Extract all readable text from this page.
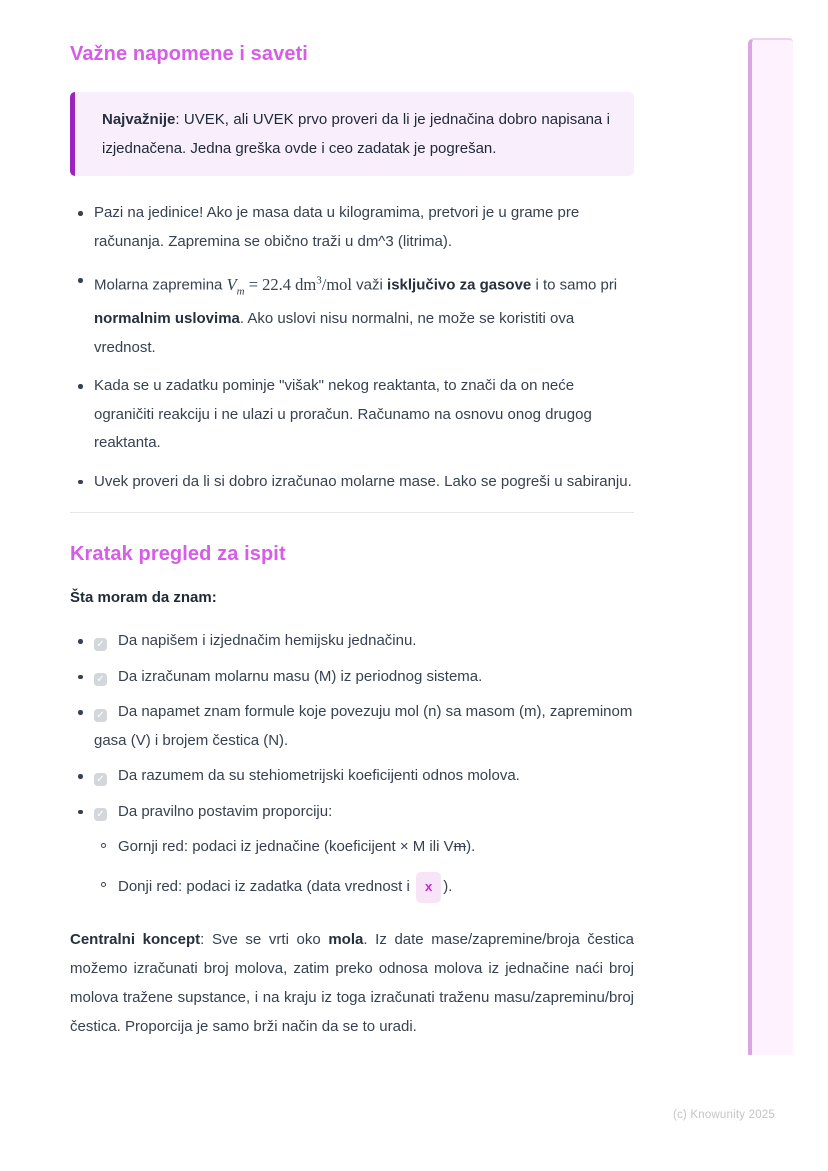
Važne napomene i saveti

Najvažnije: UVEK, ali UVEK prvo proveri da li je jednačina dobro napisana i izjednačena. Jedna greška ovde i ceo zadatak je pogrešan.

Pazi na jedinice! Ako je masa data u kilogramima, pretvori je u grame pre računanja. Zapremina se obično traži u dm^3 (litrima).
Molarna zapremina $V_m = 22.4$ $dm^3$/mol važi isključivo za gasove i to samo pri normalnim uslovima. Ako uslovi nisu normalni, ne može se koristiti ova vrednost.
Kada se u zadatku pominje "višak" nekog reaktanta, to znači da on neće ograničiti reakciju i ne ulazi u proračun. Računamo na osnovu onog drugog reaktanta.
Uvek proveri da li si dobro izračunao molarne mase. Lako se pogreši u sabiranju.
Kratak pregled za ispit

Šta moram da znam:

✓ Da napišem i izjednačim hemijsku jednačinu.
✓ Da izračunam molarnu masu (M) iz periodnog sistema.
✓ Da napamet znam formule koje povezuju mol (n) sa masom (m), zapreminom gasa (V) i brojem čestica (N).
✓ Da razumem da su stehiometrijski koeficijenti odnos molova.
✓ Da pravilno postavim proporciju:
Gornji red: podaci iz jednačine (koeficijent × M ili Vm).
Donji red: podaci iz zadatka (data vrednost i x ).

Centralni koncept: Sve se vrti oko mola. Iz date mase/zapremine/broja čestica možemo izračunati broj molova, zatim preko odnosa molova iz jednačine naći broj molova tražene supstance, i na kraju iz toga izračunati traženu masu/zapreminu/broj čestica. Proporcija je samo brži način da se to uradi.

(c) Knowunity 2025
